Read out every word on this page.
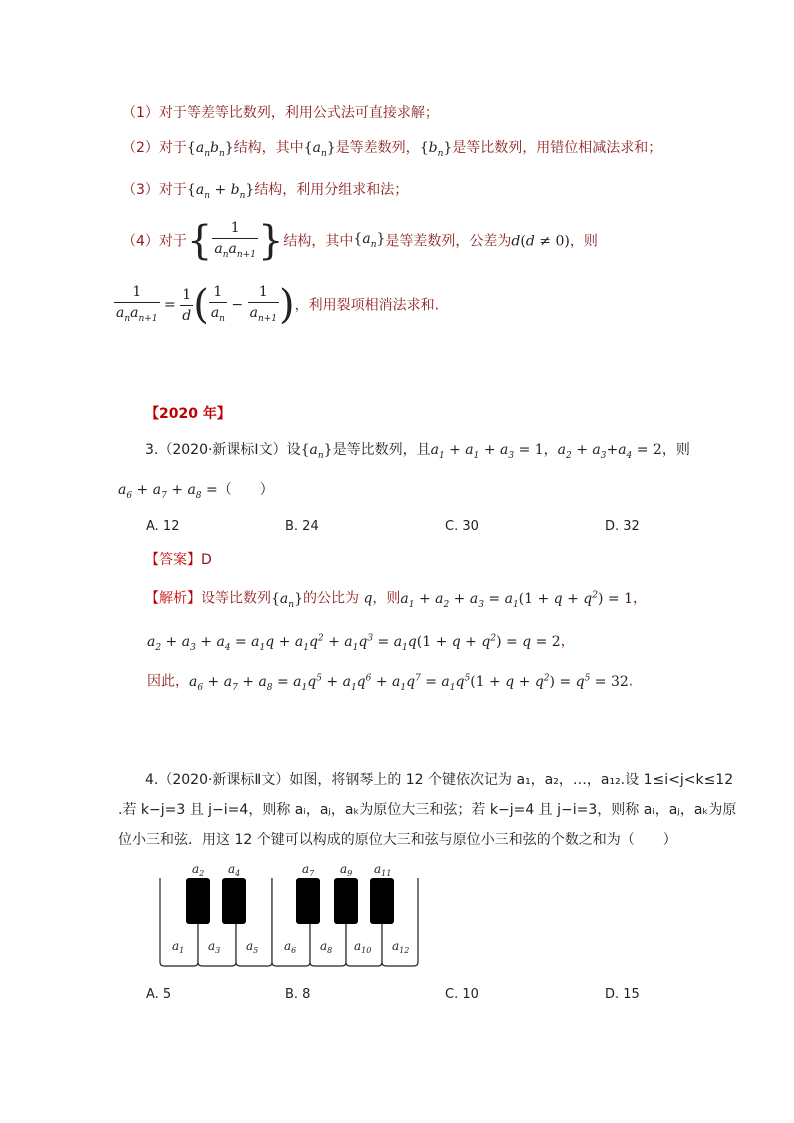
（1）对于等差等比数列，利用公式法可直接求解；
（2）对于$\{a_nb_n\}$结构，其中$\{a_n\}$是等差数列，$\{b_n\}$是等比数列，用错位相减法求和；
（3）对于$\{a_n + b_n\}$结构，利用分组求和法；
（4）对于{ $\frac{1}{a_na_{n+1}}$ }结构，其中$\{a_n\}$是等差数列，公差为d(d ≠ 0)，则
$\frac{1}{a_na_{n+1}} = \frac{1}{d}$ ( $\frac{1}{a_n} - \frac{1}{a_{n+1}}$ )，利用裂项相消法求和.
【2020 年】
3.（2020·新课标Ⅰ文）设$\{a_n\}$是等比数列，且$a_1 + a_1 + a_3 = 1$，$a_2 + a_3+a_4 = 2$，则
$a_6 + a_7 + a_8$ =（　　）
A. 12	B. 24	C. 30	D. 32
【答案】D
【解析】设等比数列$\{a_n\}$的公比为 q，则$a_1 + a_2 + a_3 = a_1(1 + q + q^2) = 1$，
$a_2 + a_3 + a_4 = a_1q + a_1q^2 + a_1q^3 = a_1q(1 + q + q^2) = q = 2$，
因此，$a_6 + a_7 + a_8 = a_1q^5 + a_1q^6 + a_1q^7 = a_1q^5(1 + q + q^2) = q^5 = 32$.
4.（2020·新课标Ⅱ文）如图，将钢琴上的 12 个键依次记为 a₁，a₂，…，a₁₂.设 1≤i<j<k≤12
.若 k−j=3 且 j−i=4，则称 aᵢ，aⱼ，aₖ为原位大三和弦；若 k−j=4 且 j−i=3，则称 aᵢ，aⱼ，aₖ为原
位小三和弦．用这 12 个键可以构成的原位大三和弦与原位小三和弦的个数之和为（　　）
$a_2$ $a_4$	$a_7$ $a_9$ $a_{11}$
$a_1$ $a_3$ $a_5$ $a_6$ $a_8$ $a_{10}$ $a_{12}$
A. 5	B. 8	C. 10	D. 15
